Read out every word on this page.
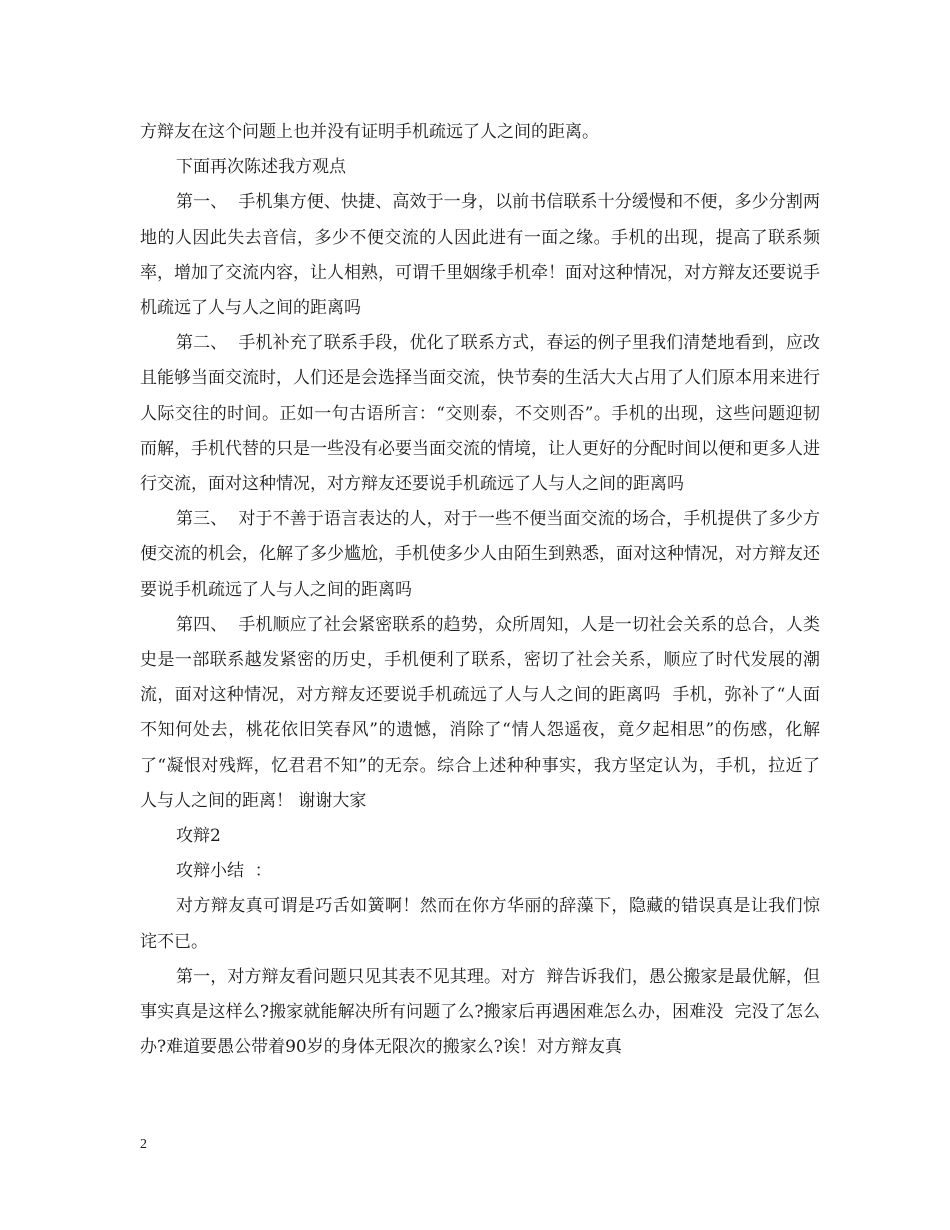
方辩友在这个问题上也并没有证明手机疏远了人之间的距离。

下面再次陈述我方观点

第一、  手机集方便、快捷、高效于一身，以前书信联系十分缓慢和不便，多少分割两地的人因此失去音信，多少不便交流的人因此进有一面之缘。手机的出现，提高了联系频率，增加了交流内容，让人相熟，可谓千里姻缘手机牵！面对这种情况，对方辩友还要说手机疏远了人与人之间的距离吗

第二、  手机补充了联系手段，优化了联系方式，春运的例子里我们清楚地看到，应改且能够当面交流时，人们还是会选择当面交流，快节奏的生活大大占用了人们原本用来进行人际交往的时间。正如一句古语所言：“交则泰，不交则否”。手机的出现，这些问题迎韧而解，手机代替的只是一些没有必要当面交流的情境，让人更好的分配时间以便和更多人进行交流，面对这种情况，对方辩友还要说手机疏远了人与人之间的距离吗

第三、  对于不善于语言表达的人，对于一些不便当面交流的场合，手机提供了多少方便交流的机会，化解了多少尴尬，手机使多少人由陌生到熟悉，面对这种情况，对方辩友还要说手机疏远了人与人之间的距离吗

第四、  手机顺应了社会紧密联系的趋势，众所周知，人是一切社会关系的总合，人类史是一部联系越发紧密的历史，手机便利了联系，密切了社会关系，顺应了时代发展的潮流，面对这种情况，对方辩友还要说手机疏远了人与人之间的距离吗  手机，弥补了“人面不知何处去，桃花依旧笑春风”的遗憾，消除了“情人怨遥夜，竟夕起相思”的伤感，化解了“凝恨对残辉，忆君君不知”的无奈。综合上述种种事实，我方坚定认为，手机，拉近了人与人之间的距离！ 谢谢大家

攻辩2

攻辩小结  ：

对方辩友真可谓是巧舌如簧啊！然而在你方华丽的辞藻下，隐藏的错误真是让我们惊诧不已。

第一，对方辩友看问题只见其表不见其理。对方  辩告诉我们，愚公搬家是最优解，但事实真是这样么?搬家就能解决所有问题了么?搬家后再遇困难怎么办，困难没  完没了怎么办?难道要愚公带着90岁的身体无限次的搬家么?诶！对方辩友真

2
